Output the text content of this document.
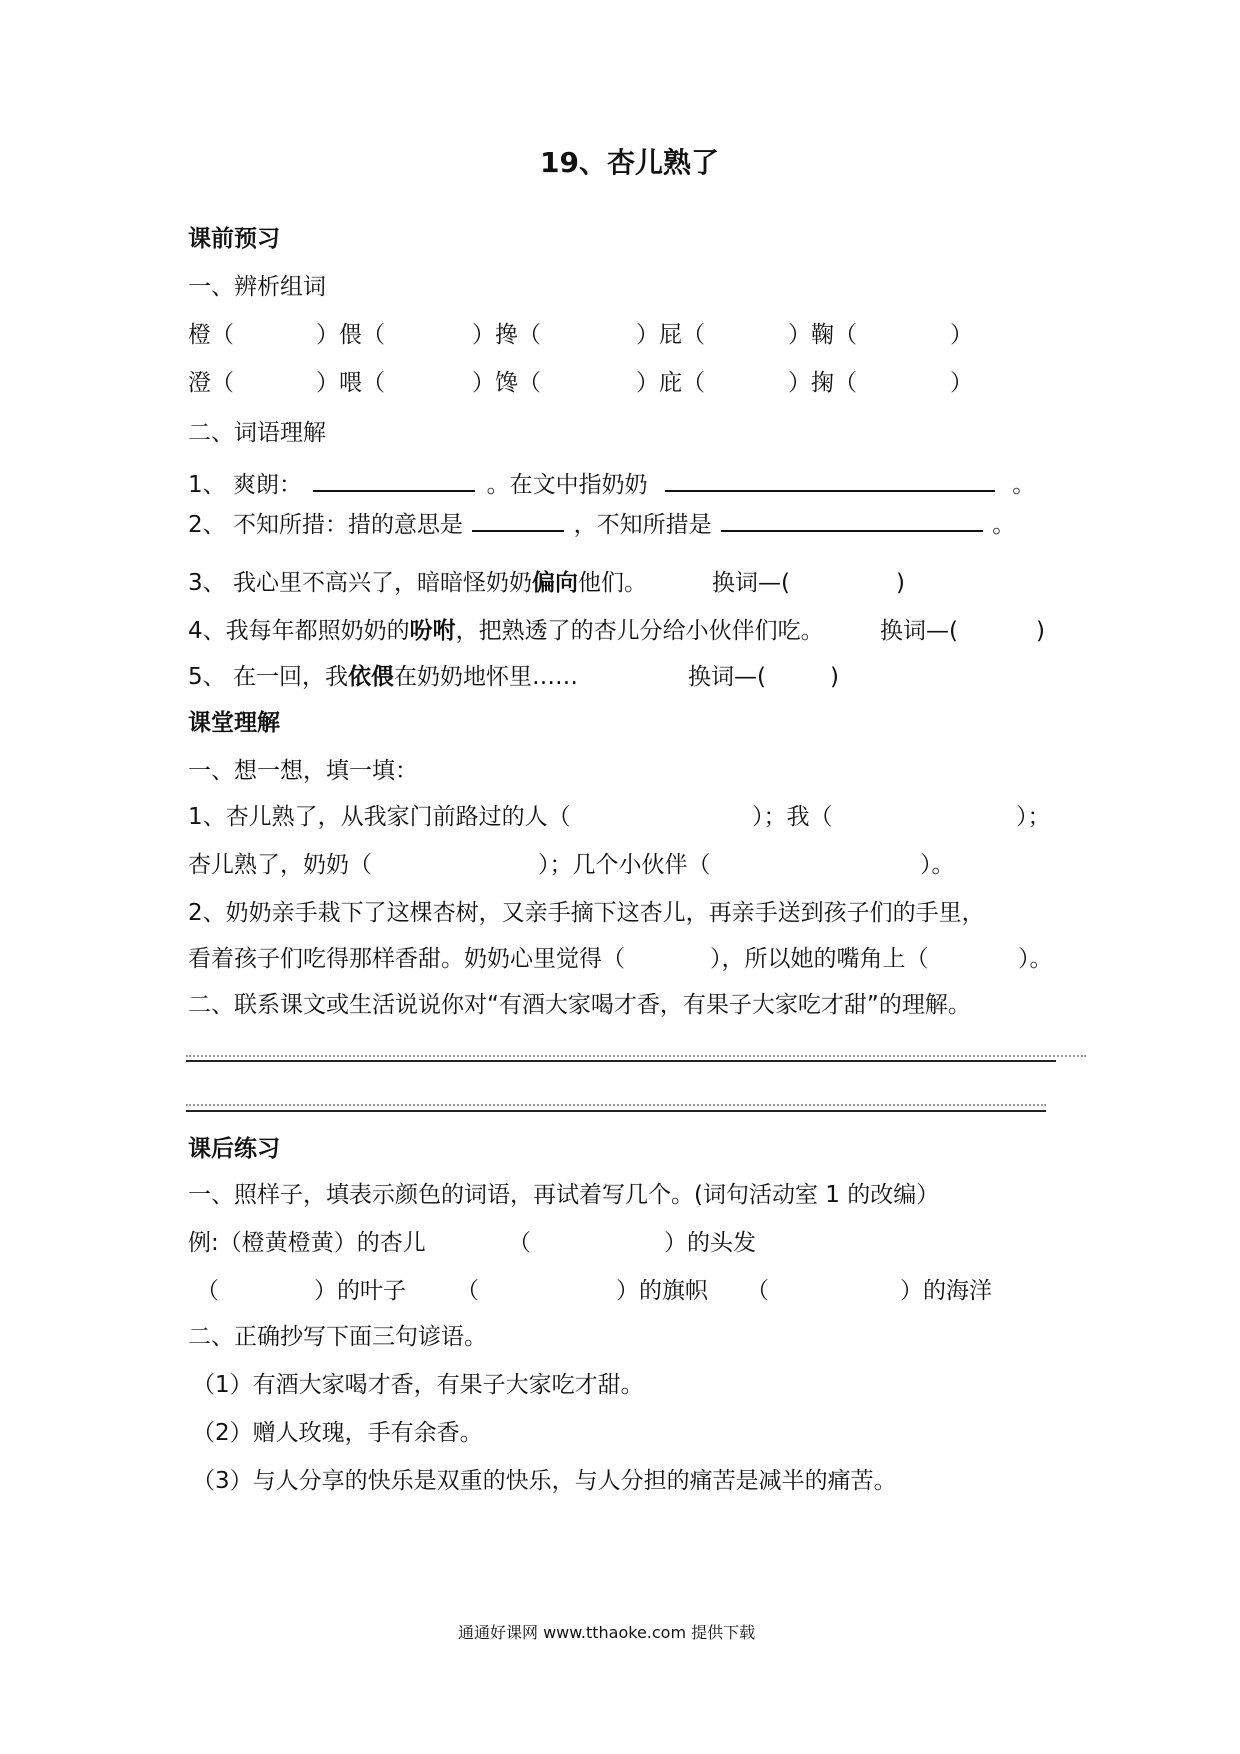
19、杏儿熟了
课前预习
一、辨析组词
橙（	）偎（	）搀（	）屁（	）鞠（	）
澄（	）喂（	）馋（	）庇（	）掬（	）
二、词语理解
1、 爽朗：	。在文中指奶奶	。
2、 不知所措：措的意思是	，不知所措是	。
3、 我心里不高兴了，暗暗怪奶奶偏向他们。	换词—(	)
4、我每年都照奶奶的吩咐，把熟透了的杏儿分给小伙伴们吃。 换词—(	)
5、 在一回，我依偎在奶奶地怀里……	换词—(	)
课堂理解
一、想一想，填一填：
1、杏儿熟了，从我家门前路过的人（	）；我（	）；
杏儿熟了，奶奶（	）；几个小伙伴（	）。
2、奶奶亲手栽下了这棵杏树，又亲手摘下这杏儿，再亲手送到孩子们的手里，
看着孩子们吃得那样香甜。奶奶心里觉得（	），所以她的嘴角上（	）。
二、联系课文或生活说说你对“有酒大家喝才香，有果子大家吃才甜”的理解。
课后练习
一、照样子，填表示颜色的词语，再试着写几个。(词句活动室 1 的改编）
例:（橙黄橙黄）的杏儿	（	）的头发
（	）的叶子 （	）的旗帜 （	）的海洋
二、正确抄写下面三句谚语。
（1）有酒大家喝才香，有果子大家吃才甜。
（2）赠人玫瑰，手有余香。
（3）与人分享的快乐是双重的快乐，与人分担的痛苦是减半的痛苦。
通通好课网 www.tthaoke.com 提供下载
